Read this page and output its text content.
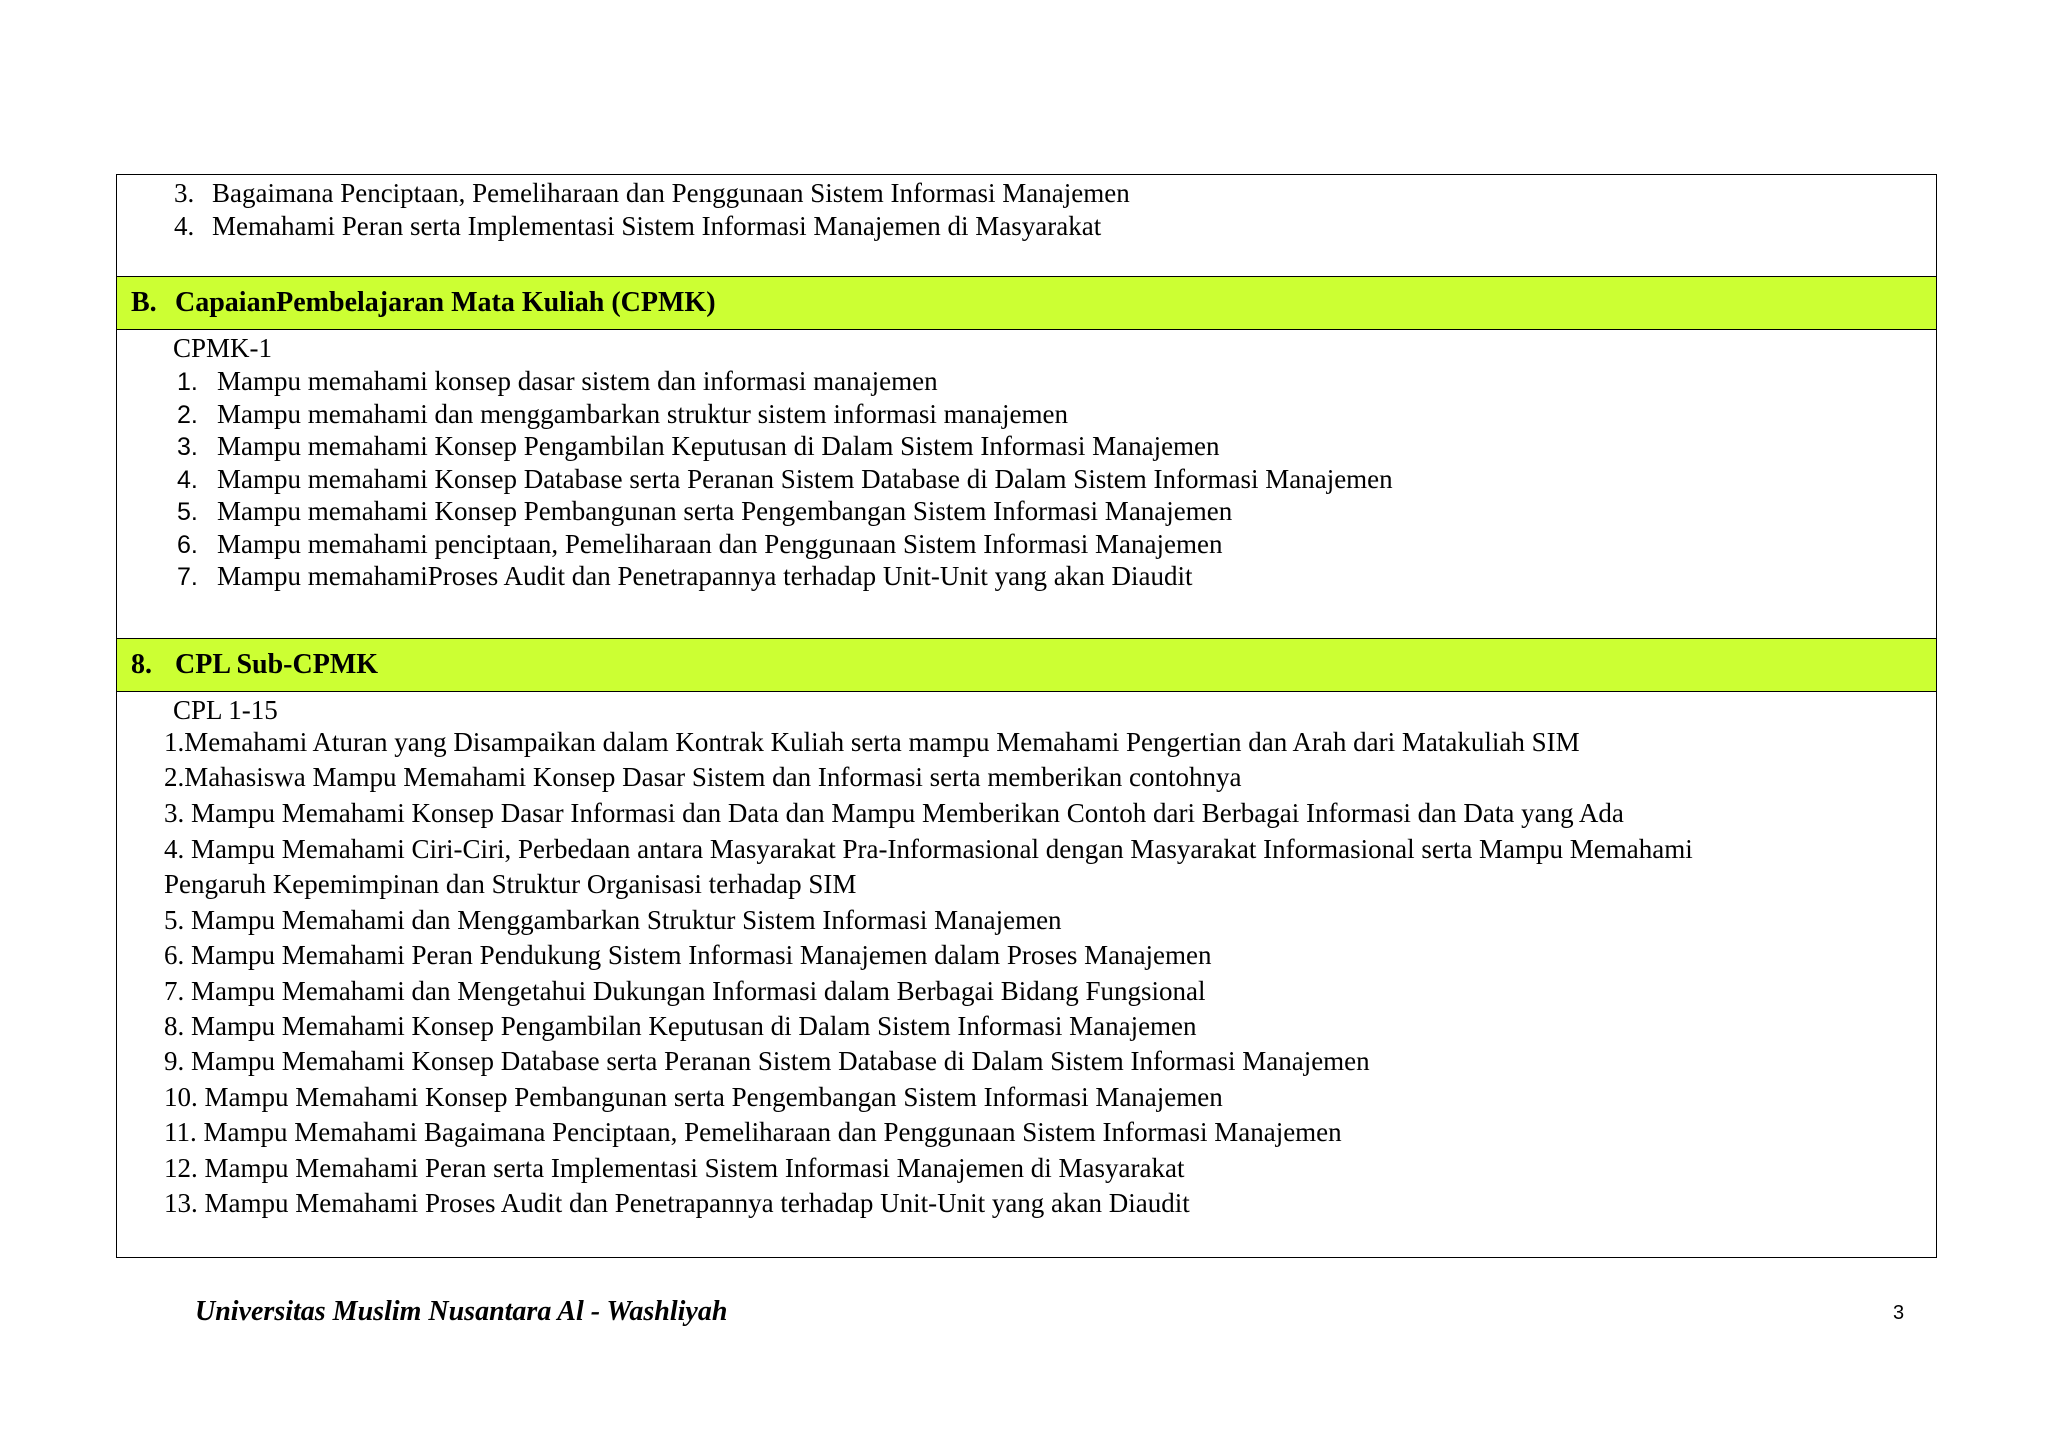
3. Bagaimana Penciptaan, Pemeliharaan dan Penggunaan Sistem Informasi Manajemen
4. Memahami Peran serta Implementasi Sistem Informasi Manajemen di Masyarakat
B. CapaianPembelajaran Mata Kuliah (CPMK)
CPMK-1
1. Mampu memahami konsep dasar sistem dan informasi manajemen
2. Mampu memahami dan menggambarkan struktur sistem informasi manajemen
3. Mampu memahami Konsep Pengambilan Keputusan di Dalam Sistem Informasi Manajemen
4. Mampu memahami Konsep Database serta Peranan Sistem Database di Dalam Sistem Informasi Manajemen
5. Mampu memahami Konsep Pembangunan serta Pengembangan Sistem Informasi Manajemen
6. Mampu memahami penciptaan, Pemeliharaan dan Penggunaan Sistem Informasi Manajemen
7. Mampu memahamiProses Audit dan Penetrapannya terhadap Unit-Unit yang akan Diaudit
8. CPL Sub-CPMK
CPL 1-15
1.Memahami Aturan yang Disampaikan dalam Kontrak Kuliah serta mampu Memahami Pengertian dan Arah dari Matakuliah SIM
2.Mahasiswa Mampu Memahami Konsep Dasar Sistem dan Informasi serta memberikan contohnya
3. Mampu Memahami Konsep Dasar Informasi dan Data dan Mampu Memberikan Contoh dari Berbagai Informasi dan Data yang Ada
4. Mampu Memahami Ciri-Ciri, Perbedaan antara Masyarakat Pra-Informasional dengan Masyarakat Informasional serta Mampu Memahami
Pengaruh Kepemimpinan dan Struktur Organisasi terhadap SIM
5. Mampu Memahami dan Menggambarkan Struktur Sistem Informasi Manajemen
6. Mampu Memahami Peran Pendukung Sistem Informasi Manajemen dalam Proses Manajemen
7. Mampu Memahami dan Mengetahui Dukungan Informasi dalam Berbagai Bidang Fungsional
8. Mampu Memahami Konsep Pengambilan Keputusan di Dalam Sistem Informasi Manajemen
9. Mampu Memahami Konsep Database serta Peranan Sistem Database di Dalam Sistem Informasi Manajemen
10. Mampu Memahami Konsep Pembangunan serta Pengembangan Sistem Informasi Manajemen
11. Mampu Memahami Bagaimana Penciptaan, Pemeliharaan dan Penggunaan Sistem Informasi Manajemen
12. Mampu Memahami Peran serta Implementasi Sistem Informasi Manajemen di Masyarakat
13. Mampu Memahami Proses Audit dan Penetrapannya terhadap Unit-Unit yang akan Diaudit
Universitas Muslim Nusantara Al - Washliyah	3
